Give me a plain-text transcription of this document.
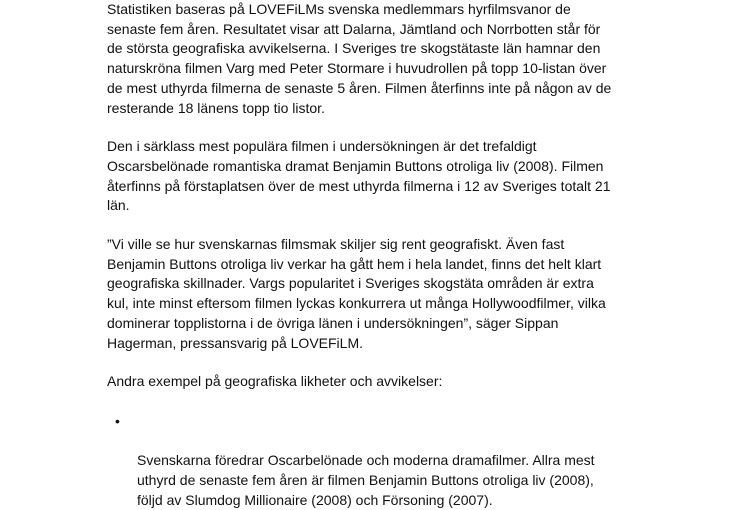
Statistiken baseras på LOVEFiLMs svenska medlemmars hyrfilmsvanor de
senaste fem åren. Resultatet visar att Dalarna, Jämtland och Norrbotten står för
de största geografiska avvikelserna. I Sveriges tre skogstätaste län hamnar den
naturskröna filmen Varg med Peter Stormare i huvudrollen på topp 10-listan över
de mest uthyrda filmerna de senaste 5 åren. Filmen återfinns inte på någon av de
resterande 18 länens topp tio listor.

Den i särklass mest populära filmen i undersökningen är det trefaldigt
Oscarsbelönade romantiska dramat Benjamin Buttons otroliga liv (2008). Filmen
återfinns på förstaplatsen över de mest uthyrda filmerna i 12 av Sveriges totalt 21
län.

”Vi ville se hur svenskarnas filmsmak skiljer sig rent geografiskt. Även fast
Benjamin Buttons otroliga liv verkar ha gått hem i hela landet, finns det helt klart
geografiska skillnader. Vargs popularitet i Sveriges skogstäta områden är extra
kul, inte minst eftersom filmen lyckas konkurrera ut många Hollywoodfilmer, vilka
dominerar topplistorna i de övriga länen i undersökningen”, säger Sippan
Hagerman, pressansvarig på LOVEFiLM.

Andra exempel på geografiska likheter och avvikelser:

•

Svenskarna föredrar Oscarbelönade och moderna dramafilmer. Allra mest
uthyrd de senaste fem åren är filmen Benjamin Buttons otroliga liv (2008),
följd av Slumdog Millionaire (2008) och Försoning (2007).
